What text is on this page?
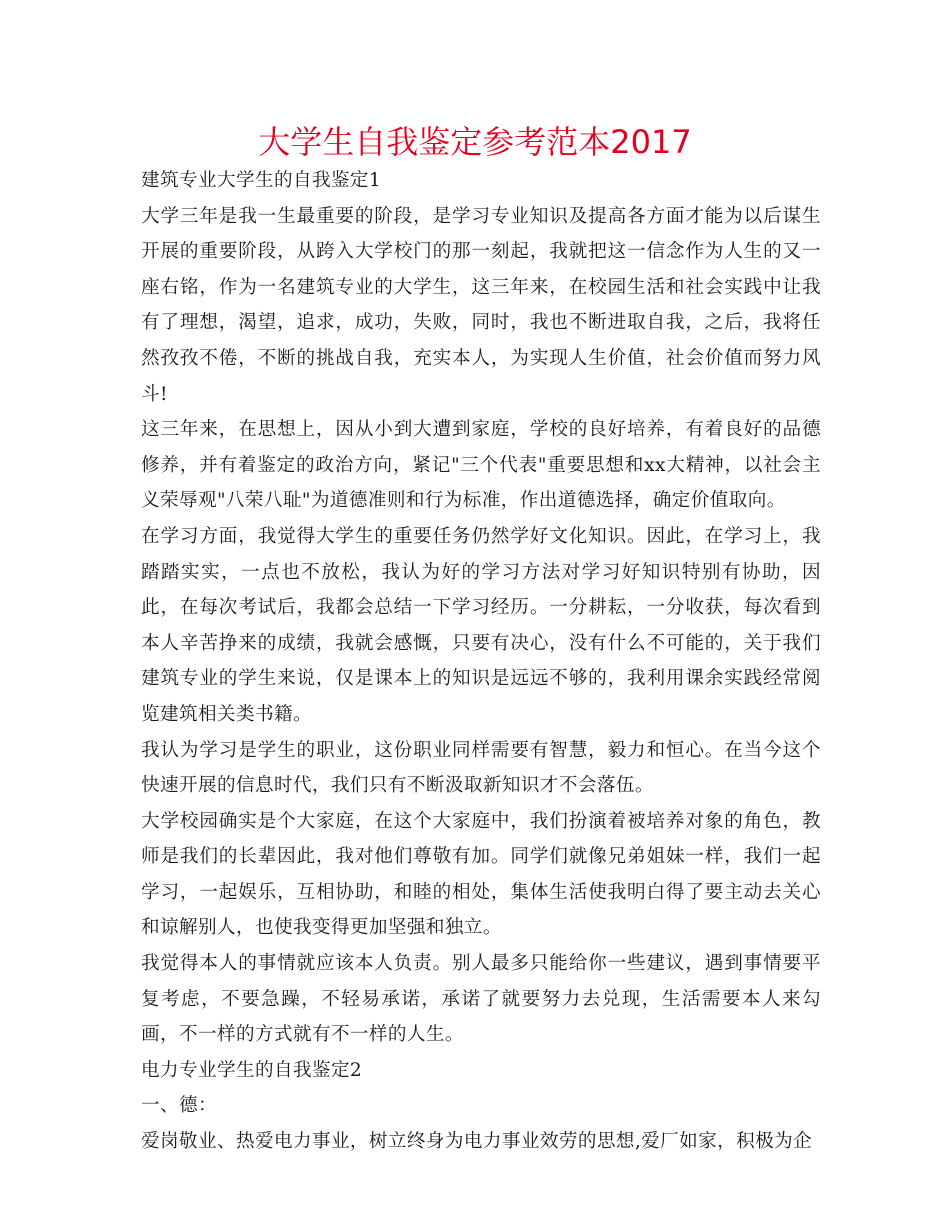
大学生自我鉴定参考范本2017

建筑专业大学生的自我鉴定1

大学三年是我一生最重要的阶段，是学习专业知识及提高各方面才能为以后谋生开展的重要阶段，从跨入大学校门的那一刻起，我就把这一信念作为人生的又一座右铭，作为一名建筑专业的大学生，这三年来，在校园生活和社会实践中让我有了理想，渴望，追求，成功，失败，同时，我也不断进取自我，之后，我将任然孜孜不倦，不断的挑战自我，充实本人，为实现人生价值，社会价值而努力风斗!

这三年来，在思想上，因从小到大遭到家庭，学校的良好培养，有着良好的品德修养，并有着鉴定的政治方向，紧记"三个代表"重要思想和xx大精神，以社会主义荣辱观"八荣八耻"为道德准则和行为标准，作出道德选择，确定价值取向。

在学习方面，我觉得大学生的重要任务仍然学好文化知识。因此，在学习上，我踏踏实实，一点也不放松，我认为好的学习方法对学习好知识特别有协助，因此，在每次考试后，我都会总结一下学习经历。一分耕耘，一分收获，每次看到本人辛苦挣来的成绩，我就会感慨，只要有决心，没有什么不可能的，关于我们建筑专业的学生来说，仅是课本上的知识是远远不够的，我利用课余实践经常阅览建筑相关类书籍。

我认为学习是学生的职业，这份职业同样需要有智慧，毅力和恒心。在当今这个快速开展的信息时代，我们只有不断汲取新知识才不会落伍。

大学校园确实是个大家庭，在这个大家庭中，我们扮演着被培养对象的角色，教师是我们的长辈因此，我对他们尊敬有加。同学们就像兄弟姐妹一样，我们一起学习，一起娱乐，互相协助，和睦的相处，集体生活使我明白得了要主动去关心和谅解别人，也使我变得更加坚强和独立。

我觉得本人的事情就应该本人负责。别人最多只能给你一些建议，遇到事情要平复考虑，不要急躁，不轻易承诺，承诺了就要努力去兑现，生活需要本人来勾画，不一样的方式就有不一样的人生。

电力专业学生的自我鉴定2

一、德：

爱岗敬业、热爱电力事业，树立终身为电力事业效劳的思想,爱厂如家，积极为企
